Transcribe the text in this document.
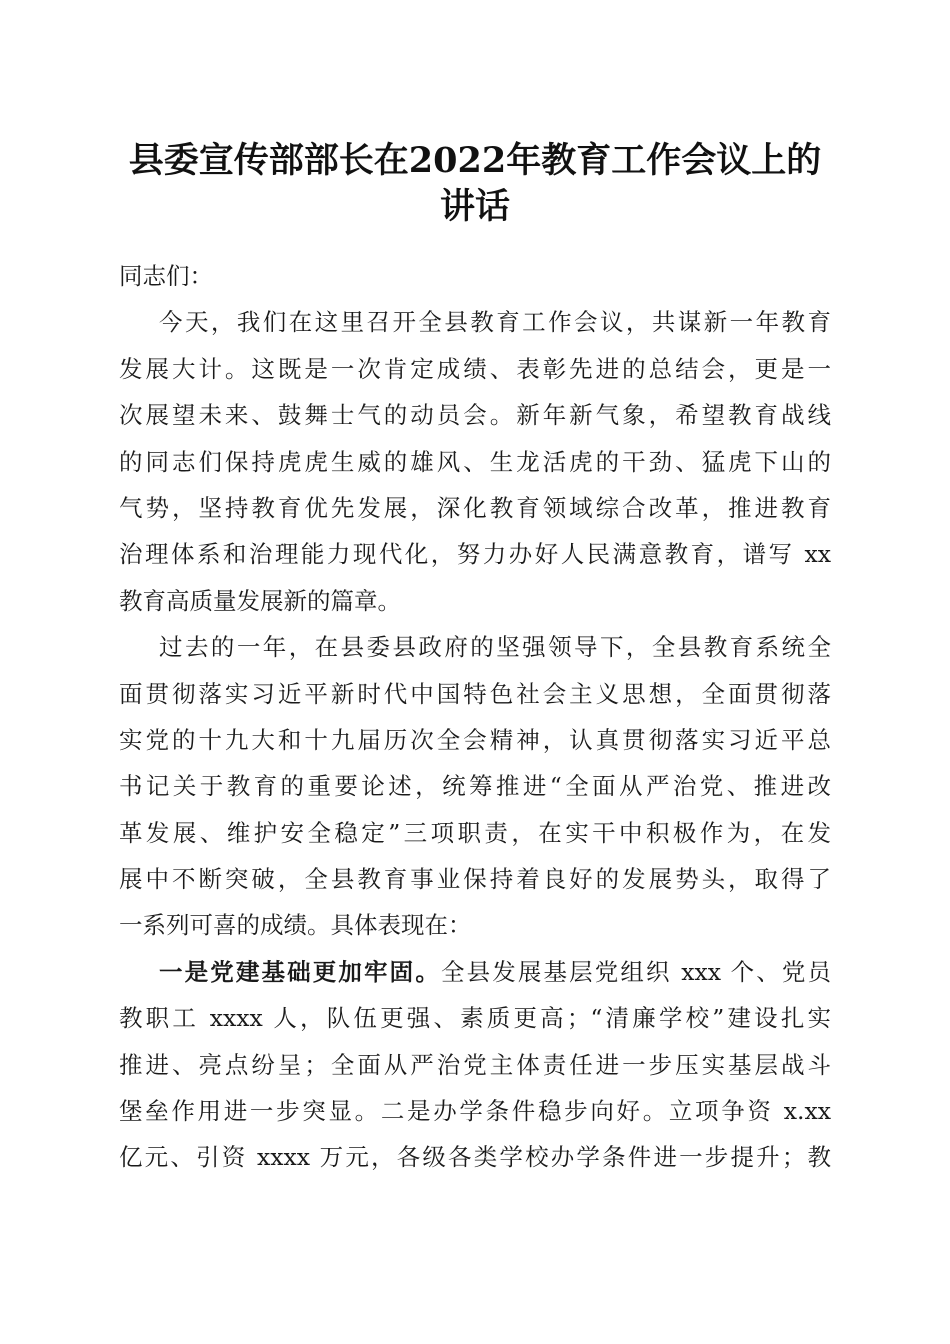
县委宣传部部长在2022年教育工作会议上的
讲话
同志们：
今天，我们在这里召开全县教育工作会议，共谋新一年教育
发展大计。这既是一次肯定成绩、表彰先进的总结会，更是一
次展望未来、鼓舞士气的动员会。新年新气象，希望教育战线
的同志们保持虎虎生威的雄风、生龙活虎的干劲、猛虎下山的
气势，坚持教育优先发展，深化教育领域综合改革，推进教育
治理体系和治理能力现代化，努力办好人民满意教育，谱写 xx
教育高质量发展新的篇章。
过去的一年，在县委县政府的坚强领导下，全县教育系统全
面贯彻落实习近平新时代中国特色社会主义思想，全面贯彻落
实党的十九大和十九届历次全会精神，认真贯彻落实习近平总
书记关于教育的重要论述，统筹推进“全面从严治党、推进改
革发展、维护安全稳定”三项职责，在实干中积极作为，在发
展中不断突破，全县教育事业保持着良好的发展势头，取得了
一系列可喜的成绩。具体表现在：
一是党建基础更加牢固。全县发展基层党组织 xxx 个、党员
教职工 xxxx 人，队伍更强、素质更高；“清廉学校”建设扎实
推进、亮点纷呈；全面从严治党主体责任进一步压实基层战斗
堡垒作用进一步突显。二是办学条件稳步向好。立项争资 x.xx
亿元、引资 xxxx 万元，各级各类学校办学条件进一步提升；教
